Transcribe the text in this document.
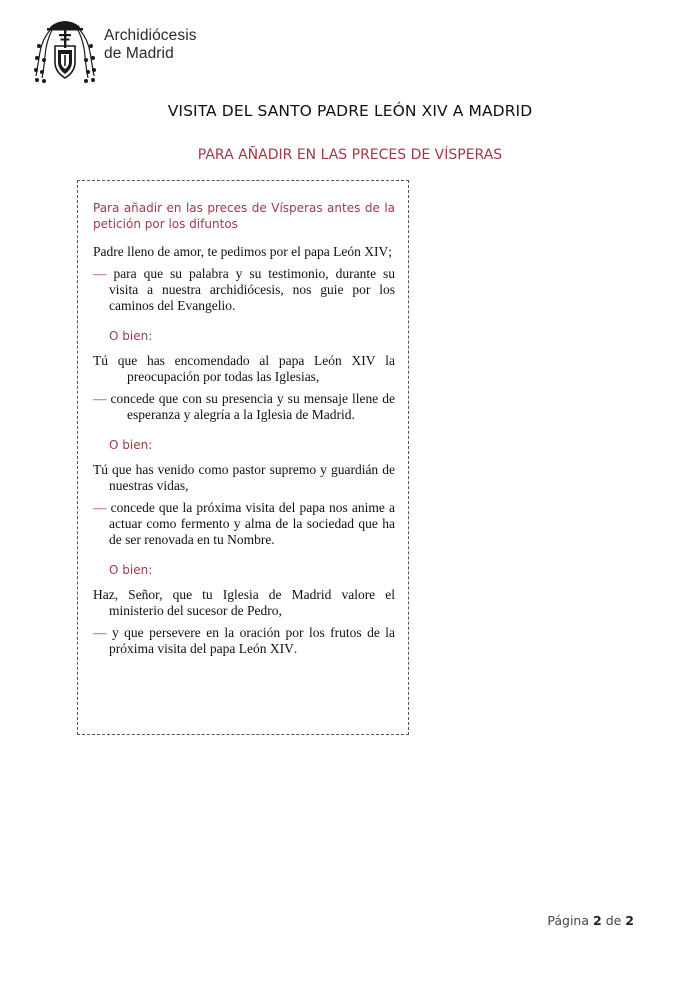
Archidiócesis
de Madrid
VISITA DEL SANTO PADRE LEÓN XIV A MADRID
PARA AÑADIR EN LAS PRECES DE VÍSPERAS

Para añadir en las preces de Vísperas antes de la petición por los difuntos

Padre lleno de amor, te pedimos por el papa León XIV;

— para que su palabra y su testimonio, durante su visita a nuestra archidiócesis, nos guie por los caminos del Evangelio.

O bien:

Tú que has encomendado al papa León XIV la preocupación por todas las Iglesias,

— concede que con su presencia y su mensaje llene de esperanza y alegría a la Iglesia de Madrid.

O bien:

Tú que has venido como pastor supremo y guardián de nuestras vidas,

— concede que la próxima visita del papa nos anime a actuar como fermento y alma de la sociedad que ha de ser renovada en tu Nombre.

O bien:

Haz, Señor, que tu Iglesia de Madrid valore el ministerio del sucesor de Pedro,

— y que persevere en la oración por los frutos de la próxima visita del papa León XIV.

Página 2 de 2
